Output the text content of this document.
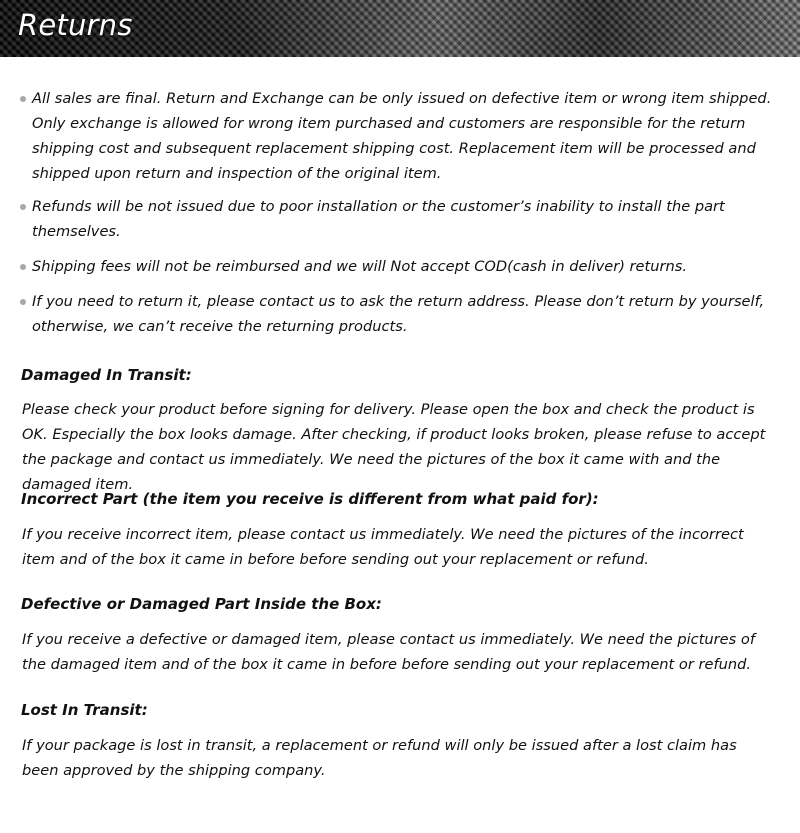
Returns
All sales are final. Return and Exchange can be only issued on defective item or wrong item shipped. Only exchange is allowed for wrong item purchased and customers are responsible for the return shipping cost and subsequent replacement shipping cost. Replacement item will be processed and shipped upon return and inspection of the original item.
Refunds will be not issued due to poor installation or the customer’s inability to install the part themselves.
Shipping fees will not be reimbursed and we will Not accept COD(cash in deliver) returns.
If you need to return it, please contact us to ask the return address. Please don’t return by yourself, otherwise, we can’t receive the returning products.
Damaged In Transit:
Please check your product before signing for delivery. Please open the box and check the product is OK. Especially the box looks damage. After checking, if product looks broken, please refuse to accept the package and contact us immediately. We need the pictures of the box it came with and the damaged item.
Incorrect Part (the item you receive is different from what paid for):
If you receive incorrect item, please contact us immediately. We need the pictures of the incorrect item and of the box it came in before before sending out your replacement or refund.
Defective or Damaged Part Inside the Box:
If you receive a defective or damaged item, please contact us immediately. We need the pictures of the damaged item and of the box it came in before before sending out your replacement or refund.
Lost In Transit:
If your package is lost in transit, a replacement or refund will only be issued after a lost claim has been approved by the shipping company.
